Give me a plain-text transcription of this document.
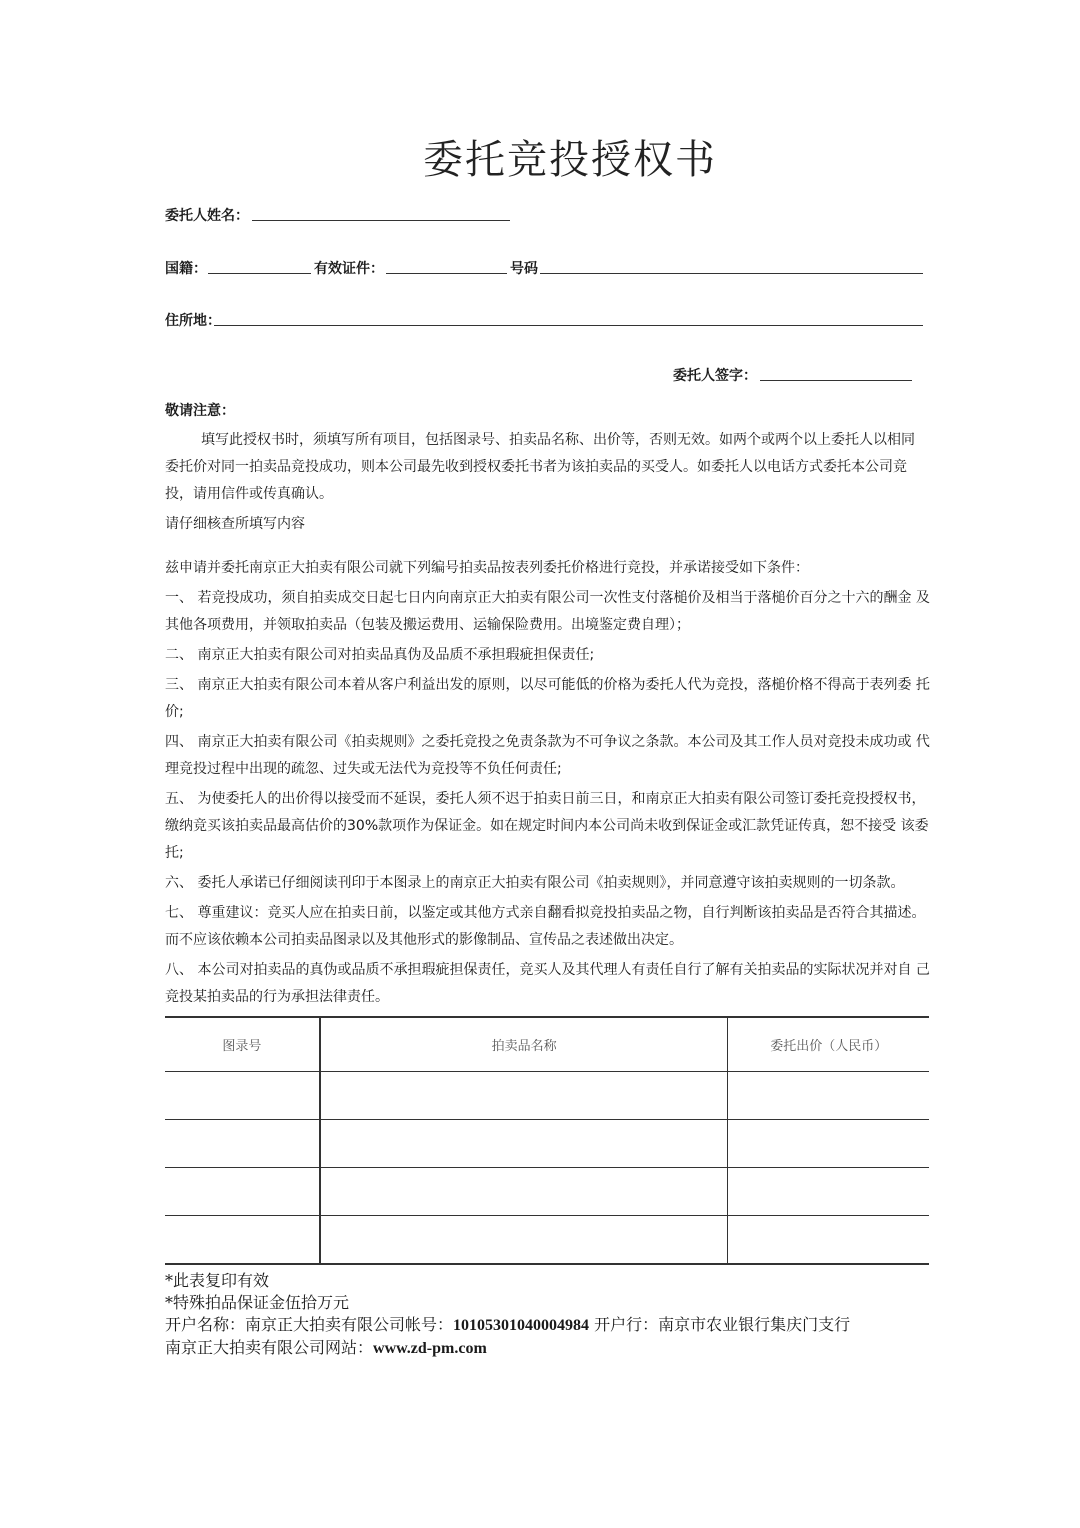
委托竞投授权书
委托人姓名：
国籍：	有效证件：	号码
住所地：
委托人签字：
敬请注意：

填写此授权书时，须填写所有项目，包括图录号、拍卖品名称、出价等，否则无效。如两个或两个以上委托人以相同 委托价对同一拍卖品竞投成功，则本公司最先收到授权委托书者为该拍卖品的买受人。如委托人以电话方式委托本公司竞 投，请用信件或传真确认。

请仔细核查所填写内容

兹申请并委托南京正大拍卖有限公司就下列编号拍卖品按表列委托价格进行竞投，并承诺接受如下条件：

一、 若竞投成功，须自拍卖成交日起七日内向南京正大拍卖有限公司一次性支付落槌价及相当于落槌价百分之十六的酬金 及其他各项费用，并领取拍卖品（包装及搬运费用、运输保险费用。出境鉴定费自理）；

二、 南京正大拍卖有限公司对拍卖品真伪及品质不承担瑕疵担保责任;

三、 南京正大拍卖有限公司本着从客户利益出发的原则，以尽可能低的价格为委托人代为竞投，落槌价格不得高于表列委 托价;

四、 南京正大拍卖有限公司《拍卖规则》之委托竞投之免责条款为不可争议之条款。本公司及其工作人员对竞投未成功或 代理竞投过程中出现的疏忽、过失或无法代为竞投等不负任何责任;

五、 为使委托人的出价得以接受而不延误，委托人须不迟于拍卖日前三日，和南京正大拍卖有限公司签订委托竞投授权书， 缴纳竞买该拍卖品最高估价的30%款项作为保证金。如在规定时间内本公司尚未收到保证金或汇款凭证传真，恕不接受 该委托;

六、 委托人承诺已仔细阅读刊印于本图录上的南京正大拍卖有限公司《拍卖规则》，并同意遵守该拍卖规则的一切条款。

七、 尊重建议：竞买人应在拍卖日前，以鉴定或其他方式亲自翻看拟竞投拍卖品之物，自行判断该拍卖品是否符合其描述。 而不应该依赖本公司拍卖品图录以及其他形式的影像制品、宣传品之表述做出决定。

八、 本公司对拍卖品的真伪或品质不承担瑕疵担保责任，竞买人及其代理人有责任自行了解有关拍卖品的实际状况并对自 己竞投某拍卖品的行为承担法律责任。

图录号	拍卖品名称	委托出价（人民币）

*此表复印有效
*特殊拍品保证金伍拾万元
开户名称：南京正大拍卖有限公司帐号：10105301040004984 开户行：南京市农业银行集庆门支行
南京正大拍卖有限公司网站：www.zd-pm.com
